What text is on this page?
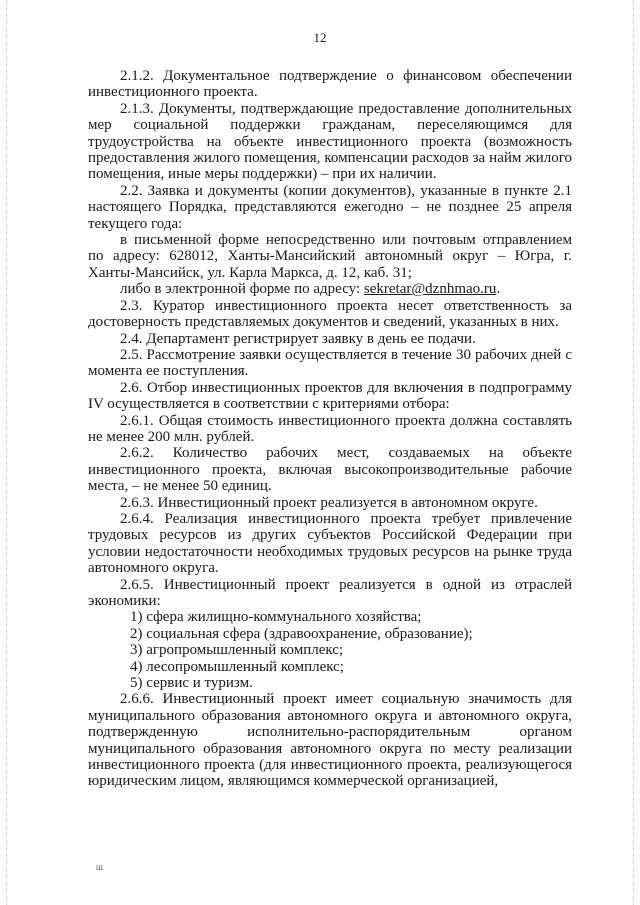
12

2.1.2. Документальное подтверждение о финансовом обеспечении инвестиционного проекта.

2.1.3. Документы, подтверждающие предоставление дополнительных мер социальной поддержки гражданам, переселяющимся для трудоустройства на объекте инвестиционного проекта (возможность предоставления жилого помещения, компенсации расходов за найм жилого помещения, иные меры поддержки) – при их наличии.

2.2. Заявка и документы (копии документов), указанные в пункте 2.1 настоящего Порядка, представляются ежегодно – не позднее 25 апреля текущего года:

в письменной форме непосредственно или почтовым отправлением по адресу: 628012, Ханты-Мансийский автономный округ – Югра, г. Ханты-Мансийск, ул. Карла Маркса, д. 12, каб. 31;

либо в электронной форме по адресу: sekretar@dznhmao.ru.

2.3. Куратор инвестиционного проекта несет ответственность за достоверность представляемых документов и сведений, указанных в них.

2.4. Департамент регистрирует заявку в день ее подачи.

2.5. Рассмотрение заявки осуществляется в течение 30 рабочих дней с момента ее поступления.

2.6. Отбор инвестиционных проектов для включения в подпрограмму IV осуществляется в соответствии с критериями отбора:

2.6.1. Общая стоимость инвестиционного проекта должна составлять не менее 200 млн. рублей.

2.6.2. Количество рабочих мест, создаваемых на объекте инвестиционного проекта, включая высокопроизводительные рабочие места, – не менее 50 единиц.

2.6.3. Инвестиционный проект реализуется в автономном округе.

2.6.4. Реализация инвестиционного проекта требует привлечение трудовых ресурсов из других субъектов Российской Федерации при условии недостаточности необходимых трудовых ресурсов на рынке труда автономного округа.

2.6.5. Инвестиционный проект реализуется в одной из отраслей экономики:

1) сфера жилищно-коммунального хозяйства;

2) социальная сфера (здравоохранение, образование);

3) агропромышленный комплекс;

4) лесопромышленный комплекс;

5) сервис и туризм.

2.6.6. Инвестиционный проект имеет социальную значимость для муниципального образования автономного округа и автономного округа, подтвержденную исполнительно-распорядительным органом муниципального образования автономного округа по месту реализации инвестиционного проекта (для инвестиционного проекта, реализующегося юридическим лицом, являющимся коммерческой организацией,

ш
